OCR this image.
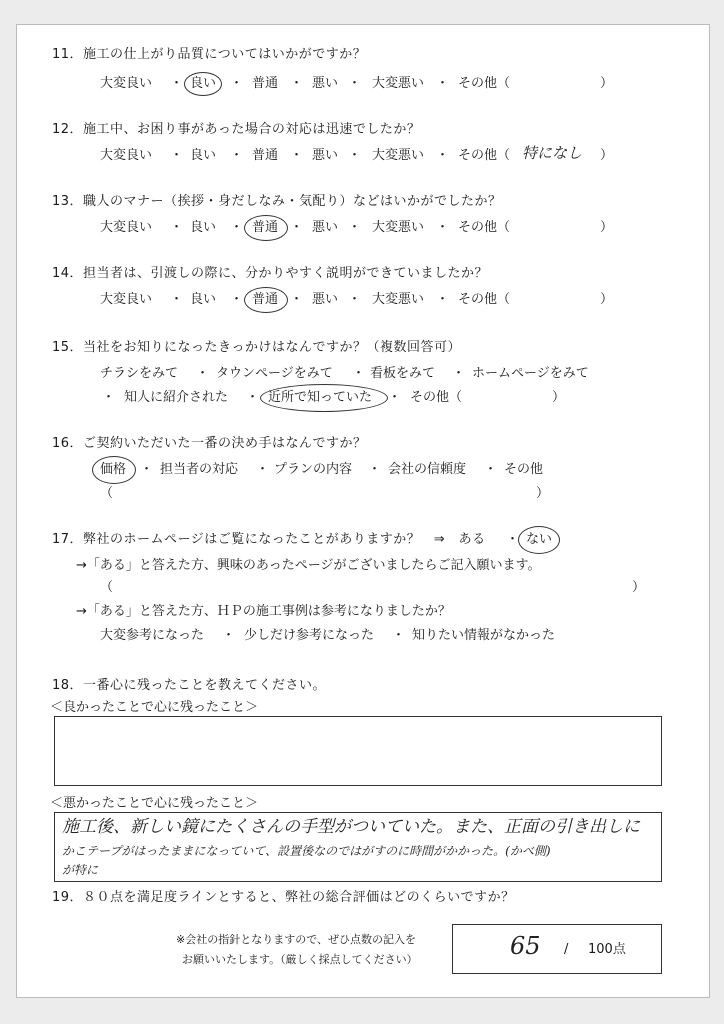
11．施工の仕上がり品質についてはいかがですか？
大変良い ・ 良い ・ 普通 ・ 悪い ・ 大変悪い ・ その他（	）
12．施工中、お困り事があった場合の対応は迅速でしたか？
大変良い ・ 良い ・ 普通 ・ 悪い ・ 大変悪い ・ その他（ 特になし ）
13．職人のマナー（挨拶・身だしなみ・気配り）などはいかがでしたか？
大変良い ・ 良い ・ 普通 ・ 悪い ・ 大変悪い ・ その他（	）
14．担当者は、引渡しの際に、分かりやすく説明ができていましたか？
大変良い ・ 良い ・ 普通 ・ 悪い ・ 大変悪い ・ その他（	）
15．当社をお知りになったきっかけはなんですか？（複数回答可）
チラシをみて ・ タウンページをみて ・ 看板をみて ・ ホームページをみて
・ 知人に紹介された ・ 近所で知っていた ・ その他（	）
16．ご契約いただいた一番の決め手はなんですか？
価格 ・ 担当者の対応 ・ プランの内容 ・ 会社の信頼度 ・ その他
（	）
17．弊社のホームページはご覧になったことがありますか？　⇒　ある ・ ない
→「ある」と答えた方、興味のあったページがございましたらご記入願います。
（	）
→「ある」と答えた方、ＨＰの施工事例は参考になりましたか？
大変参考になった ・ 少しだけ参考になった ・ 知りたい情報がなかった
18．一番心に残ったことを教えてください。
＜良かったことで心に残ったこと＞
＜悪かったことで心に残ったこと＞
施工後、新しい鏡にたくさんの手型がついていた。また、正面の引き出しに
かこテープがはったままになっていて、設置後なのではがすのに時間がかかった。(かべ側)
が特に
19．８０点を満足度ラインとすると、弊社の総合評価はどのくらいですか？
※会社の指針となりますので、ぜひ点数の記入を
お願いいたします。（厳しく採点してください）	65 / 100点
